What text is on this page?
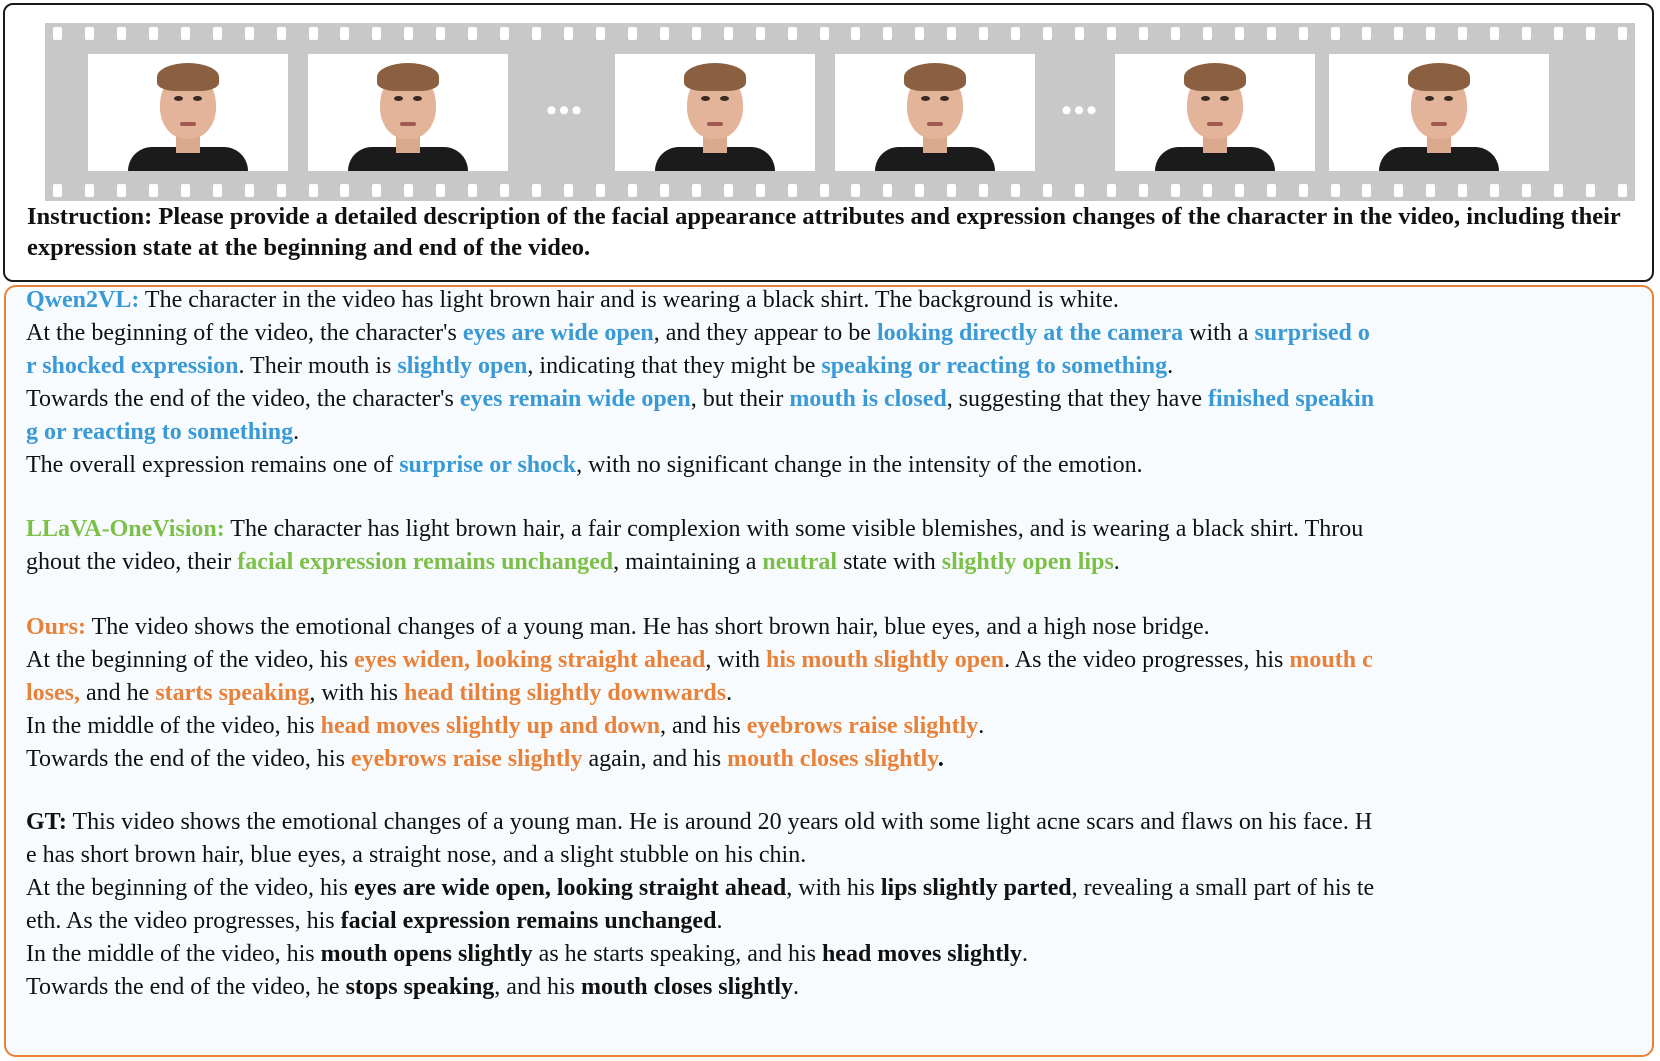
•••	•••
Instruction: Please provide a detailed description of the facial appearance attributes and expression changes of the character in the video, including their expression state at the beginning and end of the video.
Qwen2VL: The character in the video has light brown hair and is wearing a black shirt. The background is white.
At the beginning of the video, the character's eyes are wide open, and they appear to be looking directly at the camera with a surprised o
r shocked expression. Their mouth is slightly open, indicating that they might be speaking or reacting to something.
Towards the end of the video, the character's eyes remain wide open, but their mouth is closed, suggesting that they have finished speakin
g or reacting to something.
The overall expression remains one of surprise or shock, with no significant change in the intensity of the emotion.
LLaVA-OneVision: The character has light brown hair, a fair complexion with some visible blemishes, and is wearing a black shirt. Throu
ghout the video, their facial expression remains unchanged, maintaining a neutral state with slightly open lips.
Ours: The video shows the emotional changes of a young man. He has short brown hair, blue eyes, and a high nose bridge.
At the beginning of the video, his eyes widen, looking straight ahead, with his mouth slightly open. As the video progresses, his mouth c
loses, and he starts speaking, with his head tilting slightly downwards.
In the middle of the video, his head moves slightly up and down, and his eyebrows raise slightly.
Towards the end of the video, his eyebrows raise slightly again, and his mouth closes slightly.
GT: This video shows the emotional changes of a young man. He is around 20 years old with some light acne scars and flaws on his face. H
e has short brown hair, blue eyes, a straight nose, and a slight stubble on his chin.
At the beginning of the video, his eyes are wide open, looking straight ahead, with his lips slightly parted, revealing a small part of his te
eth. As the video progresses, his facial expression remains unchanged.
In the middle of the video, his mouth opens slightly as he starts speaking, and his head moves slightly.
Towards the end of the video, he stops speaking, and his mouth closes slightly.
